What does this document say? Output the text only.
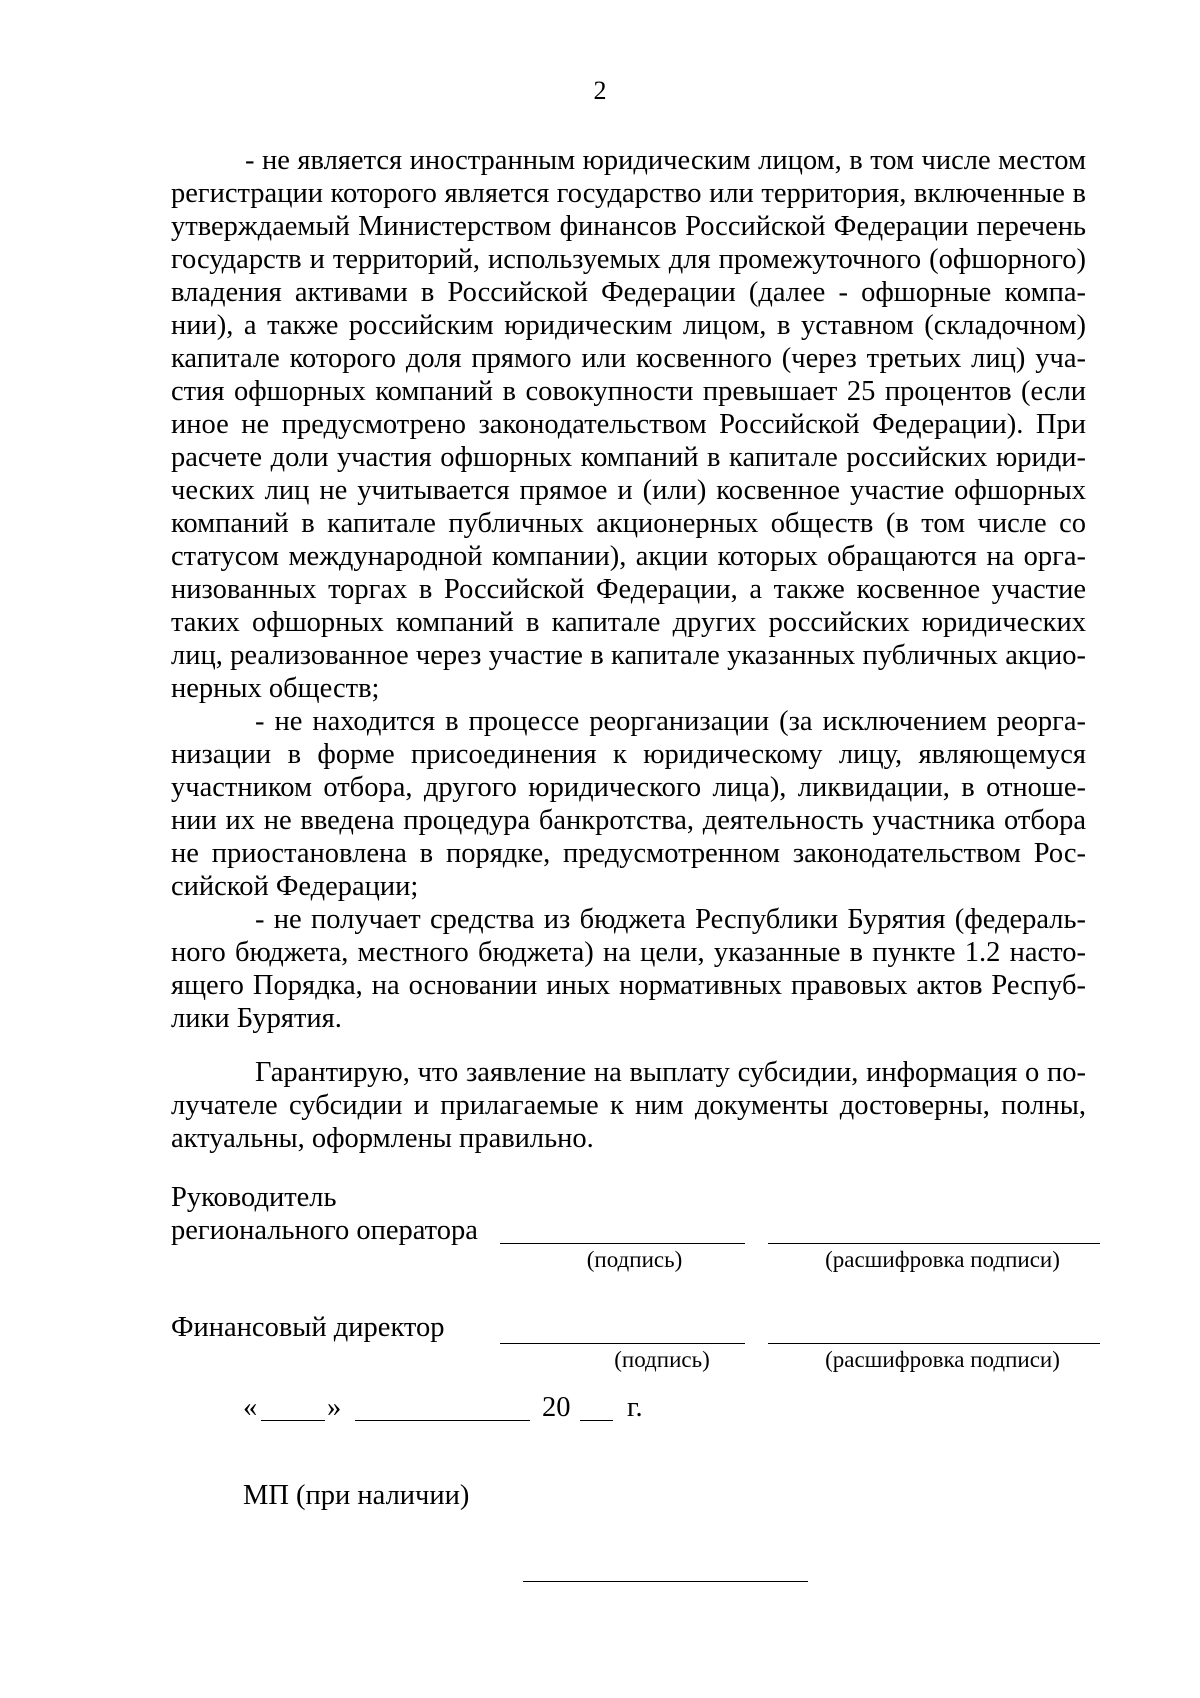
2
- не является иностранным юридическим лицом, в том числе местом
регистрации которого является государство или территория, включенные в
утверждаемый Министерством финансов Российской Федерации перечень
государств и территорий, используемых для промежуточного (офшорного)
владения активами в Российской Федерации (далее - офшорные компа-
нии), а также российским юридическим лицом, в уставном (складочном)
капитале которого доля прямого или косвенного (через третьих лиц) уча-
стия офшорных компаний в совокупности превышает 25 процентов (если
иное не предусмотрено законодательством Российской Федерации). При
расчете доли участия офшорных компаний в капитале российских юриди-
ческих лиц не учитывается прямое и (или) косвенное участие офшорных
компаний в капитале публичных акционерных обществ (в том числе со
статусом международной компании), акции которых обращаются на орга-
низованных торгах в Российской Федерации, а также косвенное участие
таких офшорных компаний в капитале других российских юридических
лиц, реализованное через участие в капитале указанных публичных акцио-
нерных обществ;
- не находится в процессе реорганизации (за исключением реорга-
низации в форме присоединения к юридическому лицу, являющемуся
участником отбора, другого юридического лица), ликвидации, в отноше-
нии их не введена процедура банкротства, деятельность участника отбора
не приостановлена в порядке, предусмотренном законодательством Рос-
сийской Федерации;
- не получает средства из бюджета Республики Бурятия (федераль-
ного бюджета, местного бюджета) на цели, указанные в пункте 1.2 насто-
ящего Порядка, на основании иных нормативных правовых актов Респуб-
лики Бурятия.
Гарантирую, что заявление на выплату субсидии, информация о по-
лучателе субсидии и прилагаемые к ним документы достоверны, полны,
актуальны, оформлены правильно.
Руководитель
регионального оператора
(подпись)	(расшифровка подписи)
Финансовый директор
(подпись)	(расшифровка подписи)
« »	20 г.
МП (при наличии)
